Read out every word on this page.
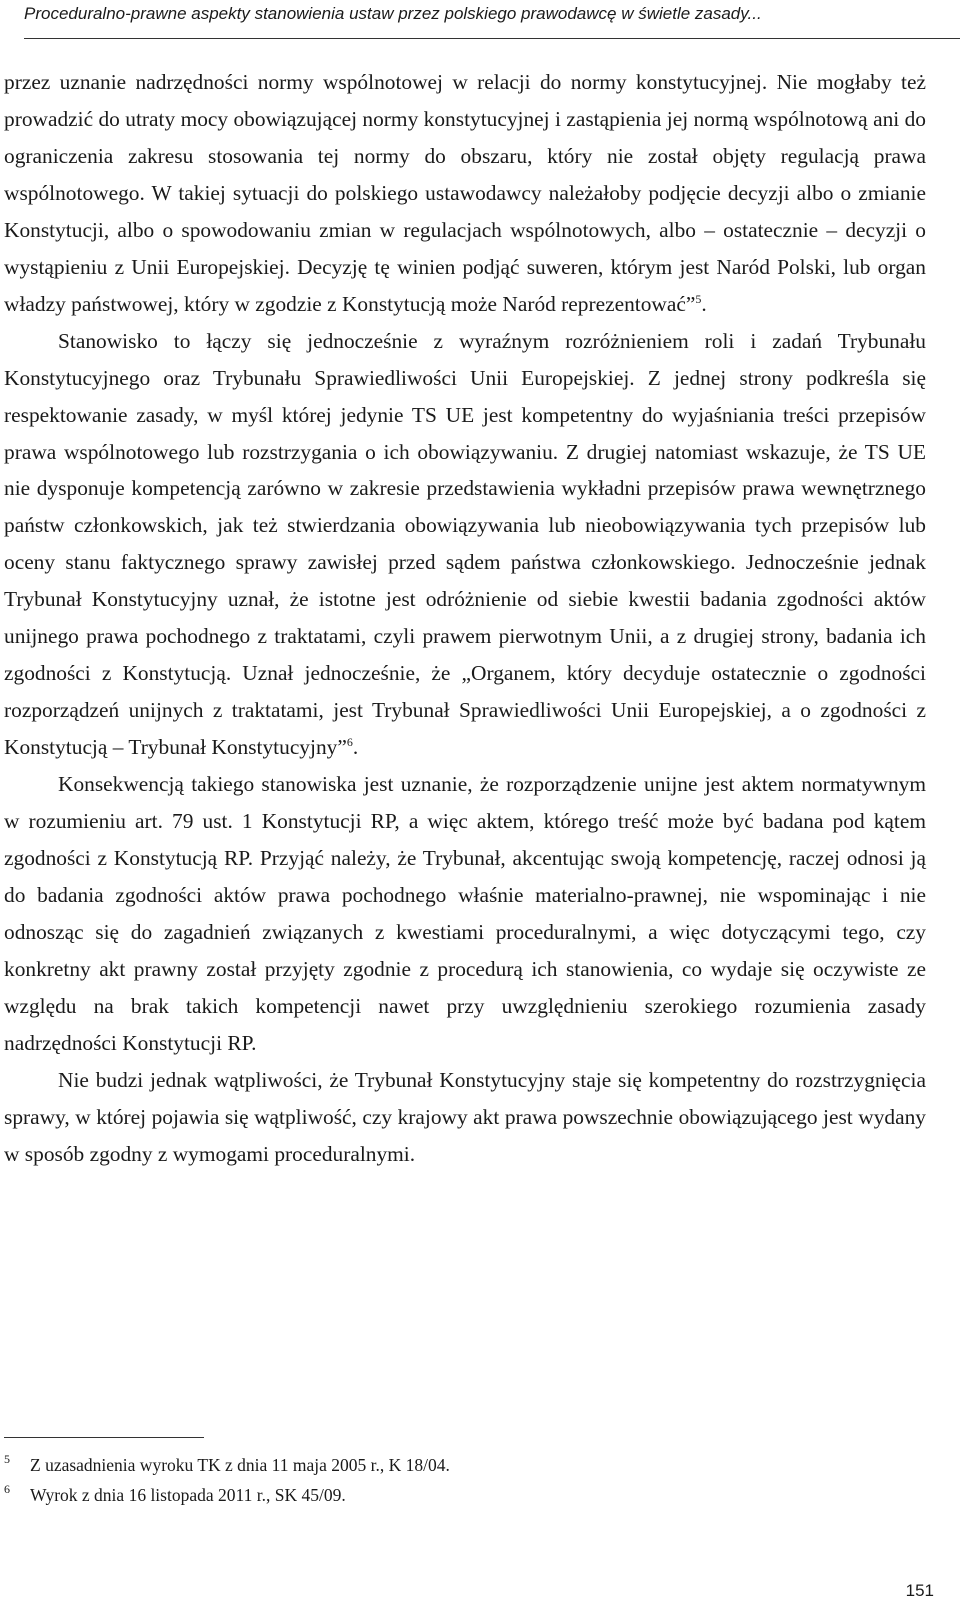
Proceduralno-prawne aspekty stanowienia ustaw przez polskiego prawodawcę w świetle zasady...

przez uznanie nadrzędności normy wspólnotowej w relacji do normy konstytucyjnej. Nie mogłaby też prowadzić do utraty mocy obowiązującej normy konstytucyjnej i zastąpienia jej normą wspólnotową ani do ograniczenia zakresu stosowania tej normy do obszaru, który nie został objęty regulacją prawa wspólnotowego. W takiej sytuacji do polskiego ustawodawcy należałoby podjęcie decyzji albo o zmianie Konstytucji, albo o spowodowaniu zmian w regulacjach wspólnotowych, albo – ostatecznie – decyzji o wystąpieniu z Unii Europejskiej. Decyzję tę winien podjąć suweren, którym jest Naród Polski, lub organ władzy państwowej, który w zgodzie z Konstytucją może Naród reprezentować”$^5$.

Stanowisko to łączy się jednocześnie z wyraźnym rozróżnieniem roli i zadań Trybunału Konstytucyjnego oraz Trybunału Sprawiedliwości Unii Europejskiej. Z jednej strony podkreśla się respektowanie zasady, w myśl której jedynie TS UE jest kompetentny do wyjaśniania treści przepisów prawa wspólnotowego lub rozstrzygania o ich obowiązywaniu. Z drugiej natomiast wskazuje, że TS UE nie dysponuje kompetencją zarówno w zakresie przedstawienia wykładni przepisów prawa wewnętrznego państw członkowskich, jak też stwierdzania obowiązywania lub nieobowiązywania tych przepisów lub oceny stanu faktycznego sprawy zawisłej przed sądem państwa członkowskiego. Jednocześnie jednak Trybunał Konstytucyjny uznał, że istotne jest odróżnienie od siebie kwestii badania zgodności aktów unijnego prawa pochodnego z traktatami, czyli prawem pierwotnym Unii, a z drugiej strony, badania ich zgodności z Konstytucją. Uznał jednocześnie, że „Organem, który decyduje ostatecznie o zgodności rozporządzeń unijnych z traktatami, jest Trybunał Sprawiedliwości Unii Europejskiej, a o zgodności z Konstytucją – Trybunał Konstytucyjny”$^6$.

Konsekwencją takiego stanowiska jest uznanie, że rozporządzenie unijne jest aktem normatywnym w rozumieniu art. 79 ust. 1 Konstytucji RP, a więc aktem, którego treść może być badana pod kątem zgodności z Konstytucją RP. Przyjąć należy, że Trybunał, akcentując swoją kompetencję, raczej odnosi ją do badania zgodności aktów prawa pochodnego właśnie materialno-prawnej, nie wspominając i nie odnosząc się do zagadnień związanych z kwestiami proceduralnymi, a więc dotyczącymi tego, czy konkretny akt prawny został przyjęty zgodnie z procedurą ich stanowienia, co wydaje się oczywiste ze względu na brak takich kompetencji nawet przy uwzględnieniu szerokiego rozumienia zasady nadrzędności Konstytucji RP.

Nie budzi jednak wątpliwości, że Trybunał Konstytucyjny staje się kompetentny do rozstrzygnięcia sprawy, w której pojawia się wątpliwość, czy krajowy akt prawa powszechnie obowiązującego jest wydany w sposób zgodny z wymogami proceduralnymi.

5 Z uzasadnienia wyroku TK z dnia 11 maja 2005 r., K 18/04.
6 Wyrok z dnia 16 listopada 2011 r., SK 45/09.
151
